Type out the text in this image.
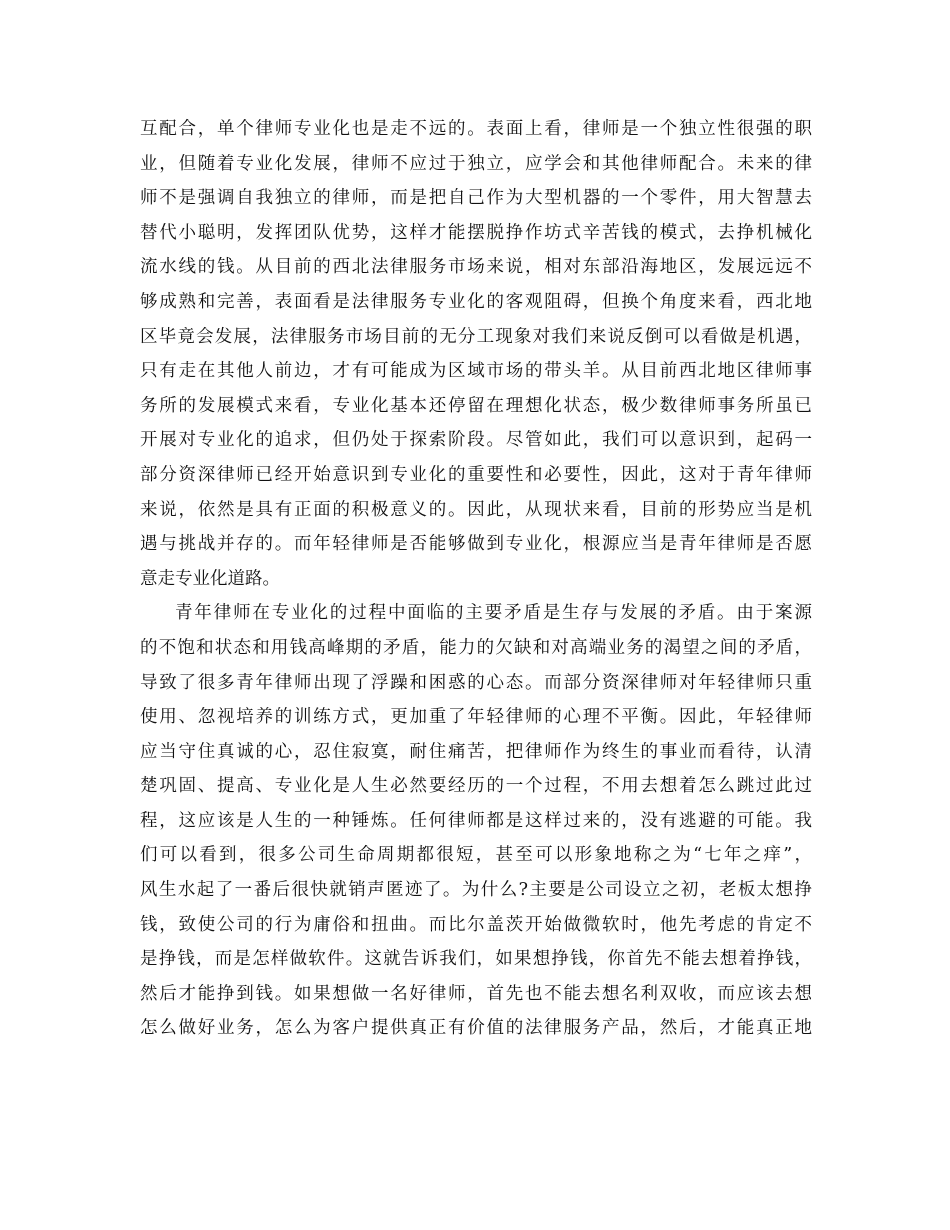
互配合，单个律师专业化也是走不远的。表面上看，律师是一个独立性很强的职
业，但随着专业化发展，律师不应过于独立，应学会和其他律师配合。未来的律
师不是强调自我独立的律师，而是把自己作为大型机器的一个零件，用大智慧去
替代小聪明，发挥团队优势，这样才能摆脱挣作坊式辛苦钱的模式，去挣机械化
流水线的钱。从目前的西北法律服务市场来说，相对东部沿海地区，发展远远不
够成熟和完善，表面看是法律服务专业化的客观阻碍，但换个角度来看，西北地
区毕竟会发展，法律服务市场目前的无分工现象对我们来说反倒可以看做是机遇，
只有走在其他人前边，才有可能成为区域市场的带头羊。从目前西北地区律师事
务所的发展模式来看，专业化基本还停留在理想化状态，极少数律师事务所虽已
开展对专业化的追求，但仍处于探索阶段。尽管如此，我们可以意识到，起码一
部分资深律师已经开始意识到专业化的重要性和必要性，因此，这对于青年律师
来说，依然是具有正面的积极意义的。因此，从现状来看，目前的形势应当是机
遇与挑战并存的。而年轻律师是否能够做到专业化，根源应当是青年律师是否愿
意走专业化道路。
青年律师在专业化的过程中面临的主要矛盾是生存与发展的矛盾。由于案源
的不饱和状态和用钱高峰期的矛盾，能力的欠缺和对高端业务的渴望之间的矛盾，
导致了很多青年律师出现了浮躁和困惑的心态。而部分资深律师对年轻律师只重
使用、忽视培养的训练方式，更加重了年轻律师的心理不平衡。因此，年轻律师
应当守住真诚的心，忍住寂寞，耐住痛苦，把律师作为终生的事业而看待，认清
楚巩固、提高、专业化是人生必然要经历的一个过程，不用去想着怎么跳过此过
程，这应该是人生的一种锤炼。任何律师都是这样过来的，没有逃避的可能。我
们可以看到，很多公司生命周期都很短，甚至可以形象地称之为“七年之痒”，
风生水起了一番后很快就销声匿迹了。为什么?主要是公司设立之初，老板太想挣
钱，致使公司的行为庸俗和扭曲。而比尔盖茨开始做微软时，他先考虑的肯定不
是挣钱，而是怎样做软件。这就告诉我们，如果想挣钱，你首先不能去想着挣钱，
然后才能挣到钱。如果想做一名好律师，首先也不能去想名利双收，而应该去想
怎么做好业务，怎么为客户提供真正有价值的法律服务产品，然后，才能真正地
